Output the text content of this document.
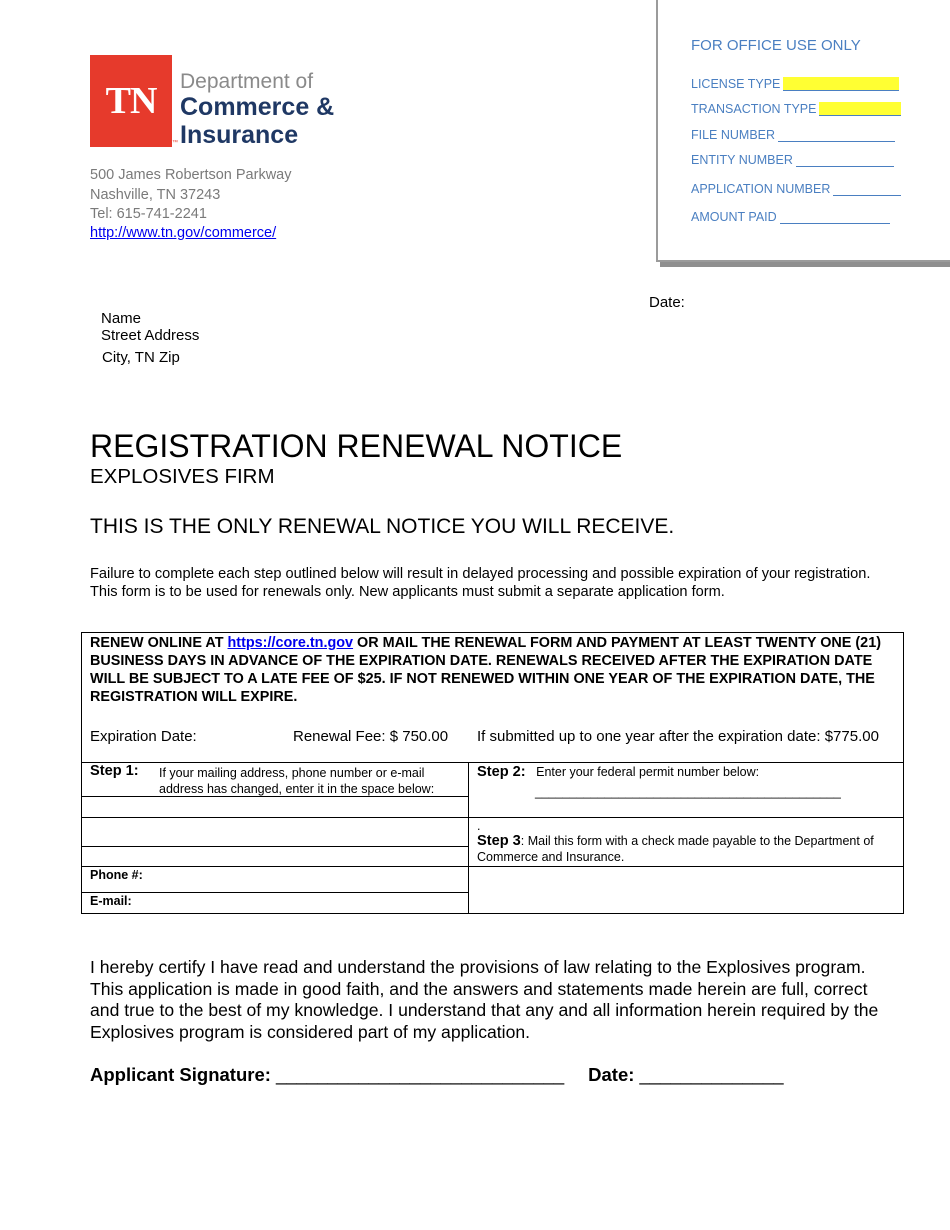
TN
™
Department of
Commerce &
Insurance
500 James Robertson Parkway
Nashville, TN 37243
Tel: 615-741-2241
http://www.tn.gov/commerce/
FOR OFFICE USE ONLY
LICENSE TYPE
TRANSACTION TYPE
FILE NUMBER
ENTITY NUMBER
APPLICATION NUMBER
AMOUNT PAID
Date:
Name
Street Address
City, TN Zip
REGISTRATION RENEWAL NOTICE
EXPLOSIVES FIRM
THIS IS THE ONLY RENEWAL NOTICE YOU WILL RECEIVE.
Failure to complete each step outlined below will result in delayed processing and possible expiration of your registration. This form is to be used for renewals only. New applicants must submit a separate application form.
RENEW ONLINE AT https://core.tn.gov OR MAIL THE RENEWAL FORM AND PAYMENT AT LEAST TWENTY ONE (21) BUSINESS DAYS IN ADVANCE OF THE EXPIRATION DATE. RENEWALS RECEIVED AFTER THE EXPIRATION DATE WILL BE SUBJECT TO A LATE FEE OF $25. IF NOT RENEWED WITHIN ONE YEAR OF THE EXPIRATION DATE, THE REGISTRATION WILL EXPIRE.
Expiration Date:	Renewal Fee: $ 750.00 If submitted up to one year after the expiration date: $775.00
Step 1: If your mailing address, phone number or e-mail address has changed, enter it in the space below:
Phone #:
E-mail:
Step 2: Enter your federal permit number below:
____________________________________________
.
Step 3: Mail this form with a check made payable to the Department of Commerce and Insurance.
I hereby certify I have read and understand the provisions of law relating to the Explosives program. This application is made in good faith, and the answers and statements made herein are full, correct and true to the best of my knowledge. I understand that any and all information herein required by the Explosives program is considered part of my application.
Applicant Signature: ____________________________ Date: ______________
